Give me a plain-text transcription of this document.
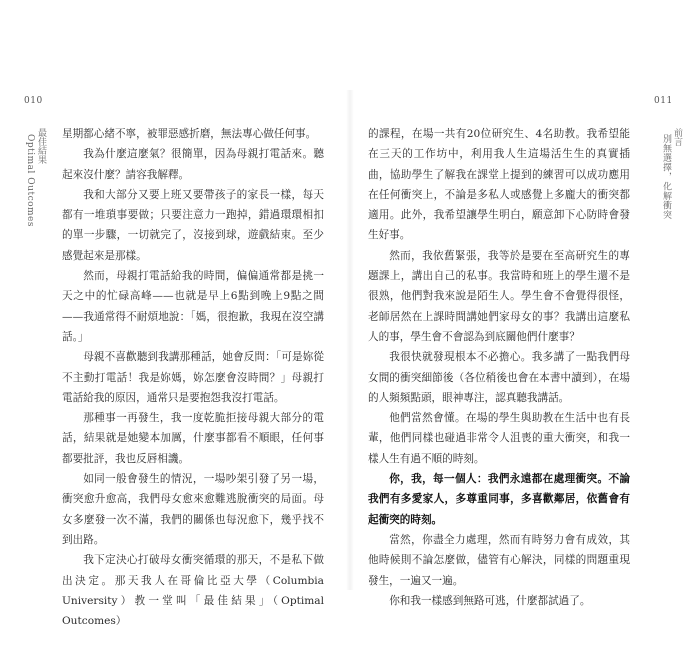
010
最佳結果
Optimal Outcomes	星期都心緒不寧，被罪惡感折磨，無法專心做任何事。

我為什麼這麼氣？很簡單，因為母親打電話來。聽起來沒什麼？請容我解釋。

我和大部分又要上班又要帶孩子的家長一樣，每天都有一堆瑣事要做；只要注意力一跑掉，錯過環環相扣的單一步驟，一切就完了，沒接到球，遊戲結束。至少感覺起來是那樣。

然而，母親打電話給我的時間，偏偏通常都是挑一天之中的忙碌高峰——也就是早上6點到晚上9點之間——我通常得不耐煩地說：「媽，很抱歉，我現在沒空講話。」

母親不喜歡聽到我講那種話，她會反問：「可是妳從不主動打電話！我是妳媽，妳怎麼會沒時間？」母親打電話給我的原因，通常只是要抱怨我沒打電話。

那種事一再發生，我一度乾脆拒接母親大部分的電話，結果就是她變本加厲，什麼事都看不順眼，任何事都要批評，我也反唇相譏。

如同一般會發生的情況，一場吵架引發了另一場，衝突愈升愈高，我們母女愈來愈難逃脫衝突的局面。母女多麼發一次不滿，我們的關係也每況愈下，幾乎找不到出路。

我下定決心打破母女衝突循環的那天，不是私下做出決定。那天我人在哥倫比亞大學（Columbia University）教一堂叫「最佳結果」（Optimal Outcomes）

011
前言
別無選擇，化解衝突

的課程，在場一共有20位研究生、4名助教。我希望能在三天的工作坊中，利用我人生這場活生生的真實插曲，協助學生了解我在課堂上提到的練習可以成功應用在任何衝突上，不論是多私人或感覺上多龐大的衝突都適用。此外，我希望讓學生明白，願意卸下心防時會發生好事。

然而，我依舊緊張，我等於是要在至高研究生的專題課上，講出自己的私事。我當時和班上的學生還不是很熟，他們對我來說是陌生人。學生會不會覺得很怪，老師居然在上課時間講她們家母女的事？我講出這麼私人的事，學生會不會認為到底關他們什麼事？

我很快就發現根本不必擔心。我多講了一點我們母女間的衝突細節後（各位稍後也會在本書中讀到），在場的人頻頻點頭，眼神專注，認真聽我講話。

他們當然會懂。在場的學生與助教在生活中也有長輩，他們同樣也碰過非常令人沮喪的重大衝突，和我一樣人生有過不順的時刻。

你，我，每一個人：我們永遠都在處理衝突。不論我們有多愛家人，多尊重同事，多喜歡鄰居，依舊會有起衝突的時刻。

當然，你盡全力處理，然而有時努力會有成效，其他時候則不論怎麼做，儘管有心解決，同樣的問題重現發生，一遍又一遍。

你和我一樣感到無路可逃，什麼都試過了。
